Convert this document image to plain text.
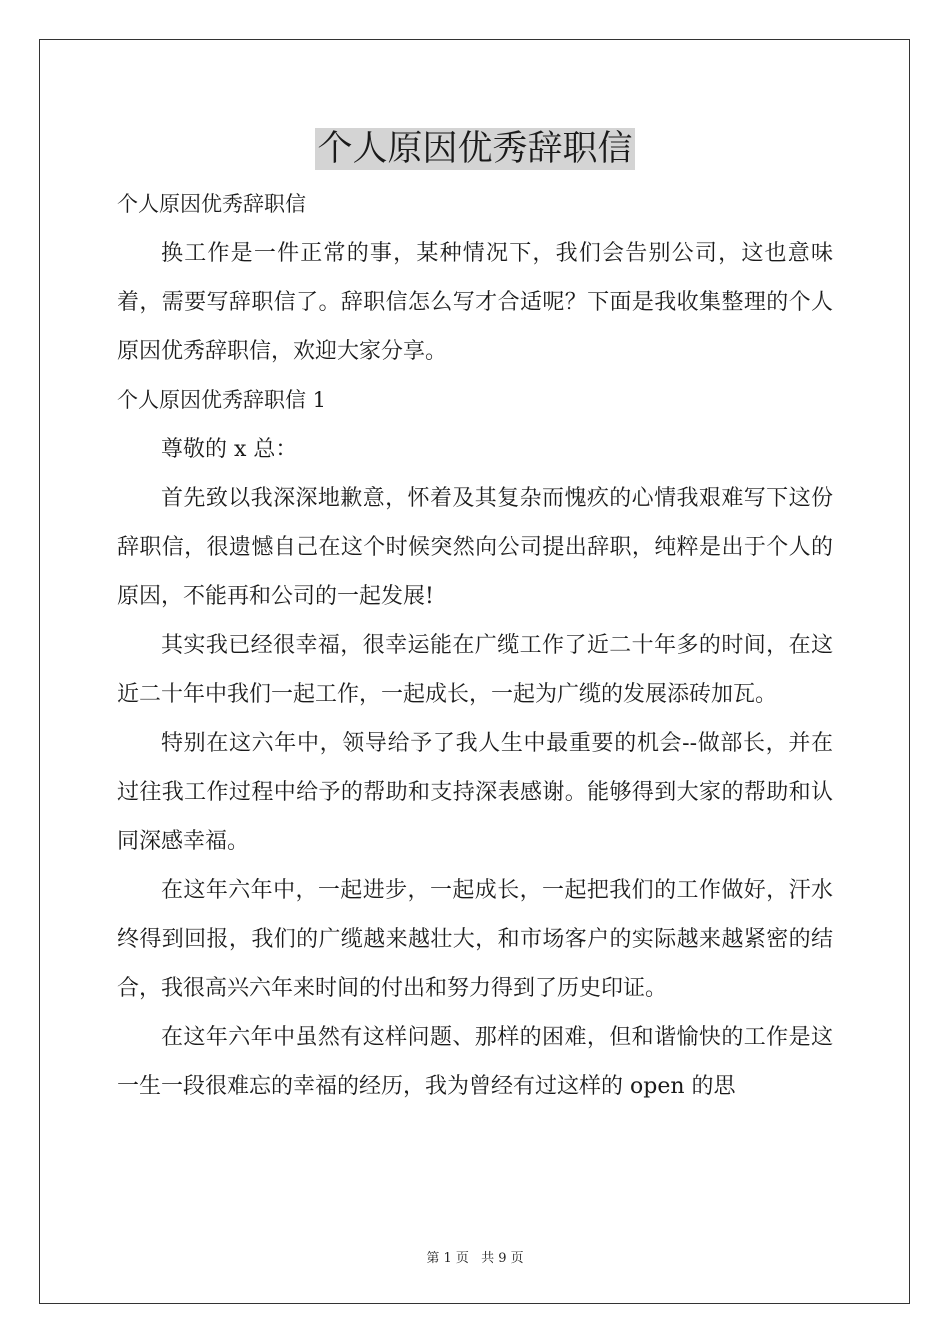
个人原因优秀辞职信

个人原因优秀辞职信

换工作是一件正常的事，某种情况下，我们会告别公司，这也意味着，需要写辞职信了。辞职信怎么写才合适呢？下面是我收集整理的个人原因优秀辞职信，欢迎大家分享。

个人原因优秀辞职信 1

尊敬的 x 总：

首先致以我深深地歉意，怀着及其复杂而愧疚的心情我艰难写下这份辞职信，很遗憾自己在这个时候突然向公司提出辞职，纯粹是出于个人的原因，不能再和公司的一起发展!

其实我已经很幸福，很幸运能在广缆工作了近二十年多的时间，在这近二十年中我们一起工作，一起成长，一起为广缆的发展添砖加瓦。

特别在这六年中，领导给予了我人生中最重要的机会--做部长，并在过往我工作过程中给予的帮助和支持深表感谢。能够得到大家的帮助和认同深感幸福。

在这年六年中，一起进步，一起成长，一起把我们的工作做好，汗水终得到回报，我们的广缆越来越壮大，和市场客户的实际越来越紧密的结合，我很高兴六年来时间的付出和努力得到了历史印证。

在这年六年中虽然有这样问题、那样的困难，但和谐愉快的工作是这一生一段很难忘的幸福的经历，我为曾经有过这样的 open 的思

第 1 页 共 9 页
